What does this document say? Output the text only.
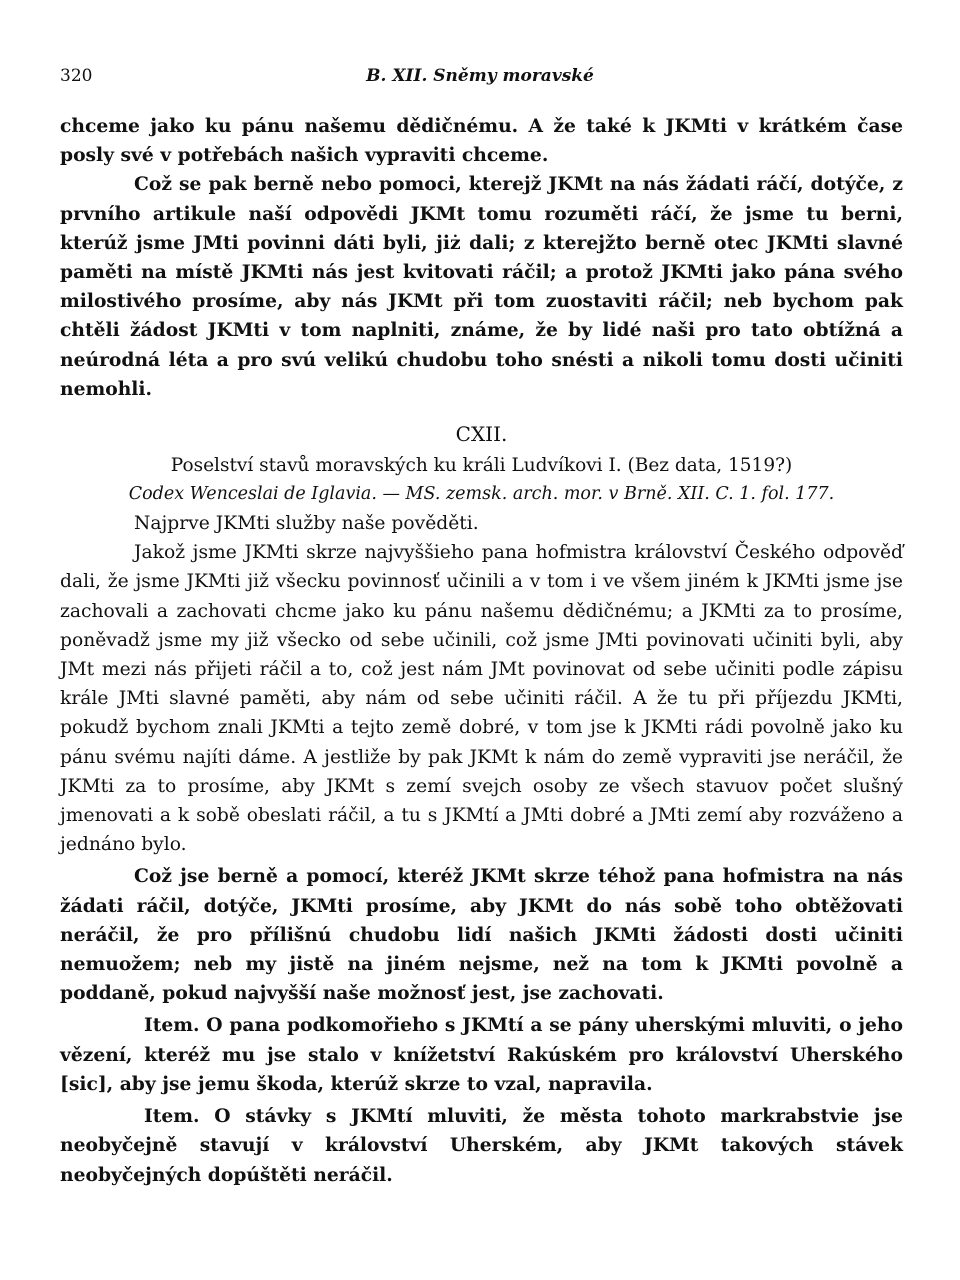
320	B. XII. Sněmy moravské

chceme jako ku pánu našemu dědičnému. A že také k JKMti v krátkém čase posly své v potřebách našich vypraviti chceme.

Což se pak berně nebo pomoci, kterejž JKMt na nás žádati ráčí, dotýče, z prvního artikule naší odpovědi JKMt tomu rozuměti ráčí, že jsme tu berni, kterúž jsme JMti povinni dáti byli, jiż dali; z kterejžto berně otec JKMti slavné paměti na místě JKMti nás jest kvitovati ráčil; a protož JKMti jako pána svého milostivého prosíme, aby nás JKMt při tom zuostaviti ráčil; neb bychom pak chtěli žádost JKMti v tom naplniti, známe, že by lidé naši pro tato obtížná a neúrodná léta a pro svú velikú chudobu toho snésti a nikoli tomu dosti učiniti nemohli.

CXII.
Poselství stavů moravských ku králi Ludvíkovi I. (Bez data, 1519?)
Codex Wenceslai de Iglavia. — MS. zemsk. arch. mor. v Brně. XII. C. 1. fol. 177.

Najprve JKMti služby naše pověděti.

Jakož jsme JKMti skrze najvyššieho pana hofmistra království Českého odpověď dali, že jsme JKMti již všecku povinnosť učinili a v tom i ve všem jiném k JKMti jsme jse zachovali a zachovati chcme jako ku pánu našemu dědičnému; a JKMti za to prosíme, poněvadž jsme my již všecko od sebe učinili, což jsme JMti povinovati učiniti byli, aby JMt mezi nás přijeti ráčil a to, což jest nám JMt povinovat od sebe učiniti podle zápisu krále JMti slavné paměti, aby nám od sebe učiniti ráčil. A že tu při příjezdu JKMti, pokudž bychom znali JKMti a tejto země dobré, v tom jse k JKMti rádi povolně jako ku pánu svému najíti dáme. A jestliže by pak JKMt k nám do země vypraviti jse neráčil, že JKMti za to prosíme, aby JKMt s zemí svejch osoby ze všech stavuov počet slušný jmenovati a k sobě obeslati ráčil, a tu s JKMtí a JMti dobré a JMti zemí aby rozváženo a jednáno bylo.

Což jse berně a pomocí, kteréž JKMt skrze téhož pana hofmistra na nás žádati ráčil, dotýče, JKMti prosíme, aby JKMt do nás sobě toho obtěžovati neráčil, že pro přílišnú chudobu lidí našich JKMti žádosti dosti učiniti nemuožem; neb my jistě na jiném nejsme, než na tom k JKMti povolně a poddaně, pokud najvyšší naše možnosť jest, jse zachovati.

Item. O pana podkomořieho s JKMtí a se pány uherskými mluviti, o jeho vězení, kteréž mu jse stalo v knížetství Rakúském pro království Uherského [sic], aby jse jemu škoda, kterúž skrze to vzal, napravila.

Item. O stávky s JKMtí mluviti, že města tohoto markrabstvie jse neobyčejně stavují v království Uherském, aby JKMt takových stávek neobyčejných dopúštěti neráčil.
